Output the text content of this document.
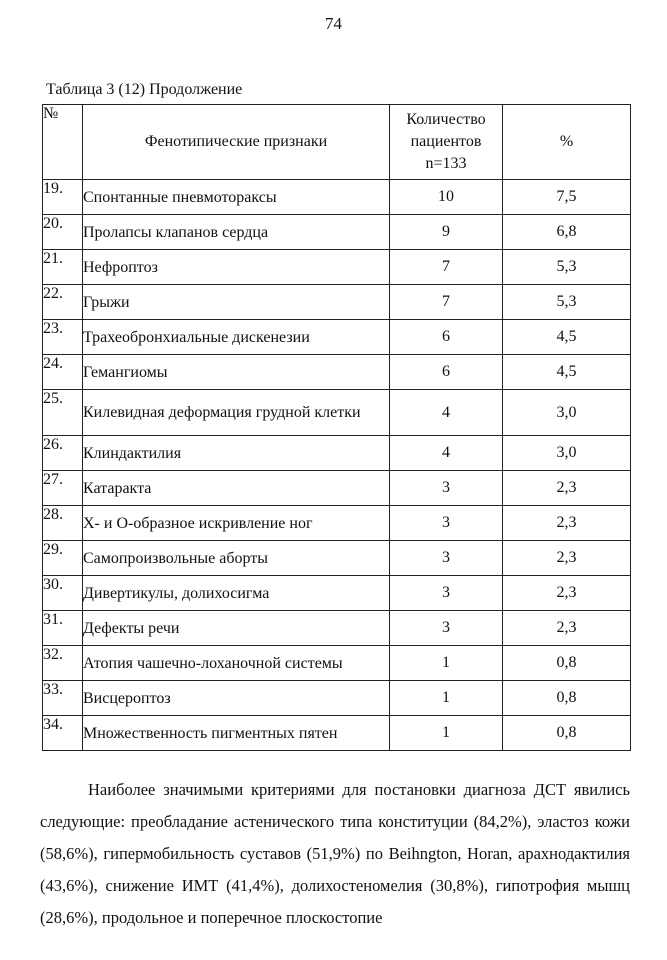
74
Таблица 3 (12) Продолжение
№	Фенотипические признаки	Количество
пациентов
n=133	%
19.	Спонтанные пневмотораксы	10	7,5
20.	Пролапсы клапанов сердца	9	6,8
21.	Нефроптоз	7	5,3
22.	Грыжи	7	5,3
23.	Трахеобронхиальные дискенезии	6	4,5
24.	Гемангиомы	6	4,5
25.	Килевидная деформация грудной клетки	4	3,0
26.	Клиндактилия	4	3,0
27.	Катаракта	3	2,3
28.	Х- и О-образное искривление ног	3	2,3
29.	Самопроизвольные аборты	3	2,3
30.	Дивертикулы, долихосигма	3	2,3
31.	Дефекты речи	3	2,3
32.	Атопия чашечно-лоханочной системы	1	0,8
33.	Висцероптоз	1	0,8
34.	Множественность пигментных пятен	1	0,8

Наиболее значимыми критериями для постановки диагноза ДСТ явились следующие: преобладание астенического типа конституции (84,2%), эластоз кожи (58,6%), гипермобильность суставов (51,9%) по Beihngton, Horan, арахнодактилия (43,6%), снижение ИМТ (41,4%), долихостеномелия (30,8%), гипотрофия мышц (28,6%), продольное и поперечное плоскостопие
